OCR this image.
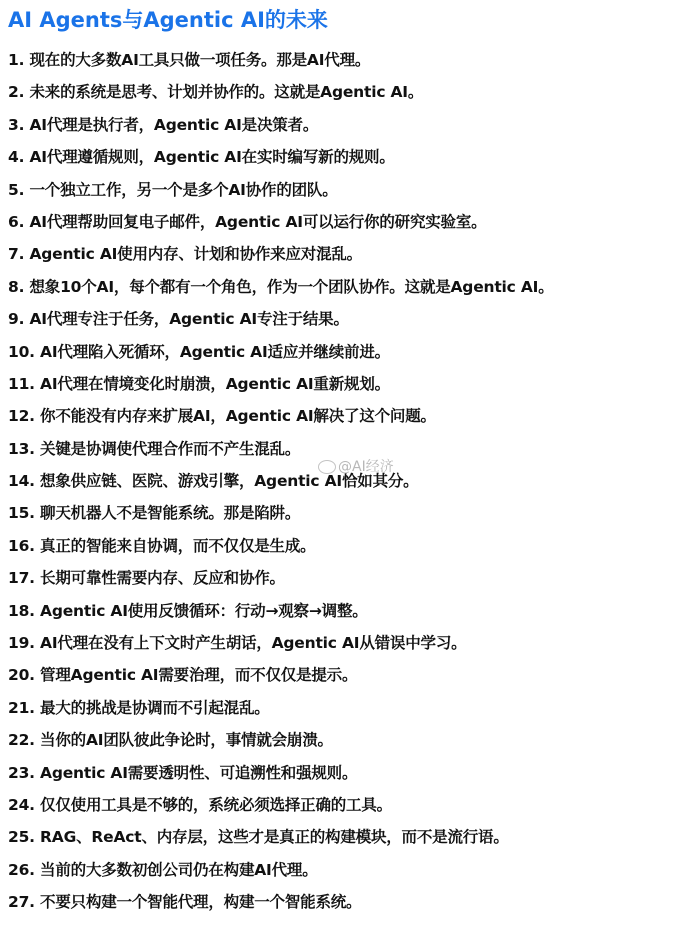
AI Agents与Agentic AI的未来
1. 现在的大多数AI工具只做一项任务。那是AI代理。
2. 未来的系统是思考、计划并协作的。这就是Agentic AI。
3. AI代理是执行者，Agentic AI是决策者。
4. AI代理遵循规则，Agentic AI在实时编写新的规则。
5. 一个独立工作，另一个是多个AI协作的团队。
6. AI代理帮助回复电子邮件，Agentic AI可以运行你的研究实验室。
7. Agentic AI使用内存、计划和协作来应对混乱。
8. 想象10个AI，每个都有一个角色，作为一个团队协作。这就是Agentic AI。
9. AI代理专注于任务，Agentic AI专注于结果。
10. AI代理陷入死循环，Agentic AI适应并继续前进。
11. AI代理在情境变化时崩溃，Agentic AI重新规划。
12. 你不能没有内存来扩展AI，Agentic AI解决了这个问题。
13. 关键是协调使代理合作而不产生混乱。
14. 想象供应链、医院、游戏引擎，Agentic AI恰如其分。
15. 聊天机器人不是智能系统。那是陷阱。
16. 真正的智能来自协调，而不仅仅是生成。
17. 长期可靠性需要内存、反应和协作。
18. Agentic AI使用反馈循环：行动→观察→调整。
19. AI代理在没有上下文时产生胡话，Agentic AI从错误中学习。
20. 管理Agentic AI需要治理，而不仅仅是提示。
21. 最大的挑战是协调而不引起混乱。
22. 当你的AI团队彼此争论时，事情就会崩溃。
23. Agentic AI需要透明性、可追溯性和强规则。
24. 仅仅使用工具是不够的，系统必须选择正确的工具。
25. RAG、ReAct、内存层，这些才是真正的构建模块，而不是流行语。
26. 当前的大多数初创公司仍在构建AI代理。
27. 不要只构建一个智能代理，构建一个智能系统。
@AI经济
